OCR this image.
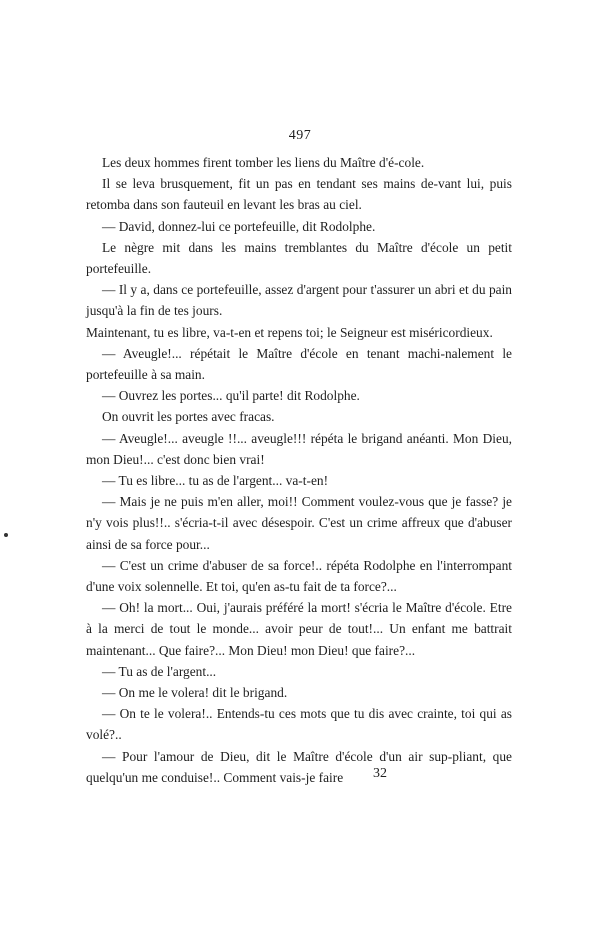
497

Les deux hommes firent tomber les liens du Maître d'é-cole.

Il se leva brusquement, fit un pas en tendant ses mains de-vant lui, puis retomba dans son fauteuil en levant les bras au ciel.

— David, donnez-lui ce portefeuille, dit Rodolphe.

Le nègre mit dans les mains tremblantes du Maître d'école un petit portefeuille.

— Il y a, dans ce portefeuille, assez d'argent pour t'assurer un abri et du pain jusqu'à la fin de tes jours.

Maintenant, tu es libre, va-t-en et repens toi; le Seigneur est miséricordieux.

— Aveugle!... répétait le Maître d'école en tenant machi-nalement le portefeuille à sa main.

— Ouvrez les portes... qu'il parte! dit Rodolphe.

On ouvrit les portes avec fracas.

— Aveugle!... aveugle !!... aveugle!!! répéta le brigand anéanti. Mon Dieu, mon Dieu!... c'est donc bien vrai!

— Tu es libre... tu as de l'argent... va-t-en!

— Mais je ne puis m'en aller, moi!! Comment voulez-vous que je fasse? je n'y vois plus!!.. s'écria-t-il avec désespoir. C'est un crime affreux que d'abuser ainsi de sa force pour...

— C'est un crime d'abuser de sa force!.. répéta Rodolphe en l'interrompant d'une voix solennelle. Et toi, qu'en as-tu fait de ta force?...

— Oh! la mort... Oui, j'aurais préféré la mort! s'écria le Maître d'école. Etre à la merci de tout le monde... avoir peur de tout!... Un enfant me battrait maintenant... Que faire?... Mon Dieu! mon Dieu! que faire?...

— Tu as de l'argent...

— On me le volera! dit le brigand.

— On te le volera!.. Entends-tu ces mots que tu dis avec crainte, toi qui as volé?..

— Pour l'amour de Dieu, dit le Maître d'école d'un air sup-pliant, que quelqu'un me conduise!.. Comment vais-je faire	32
